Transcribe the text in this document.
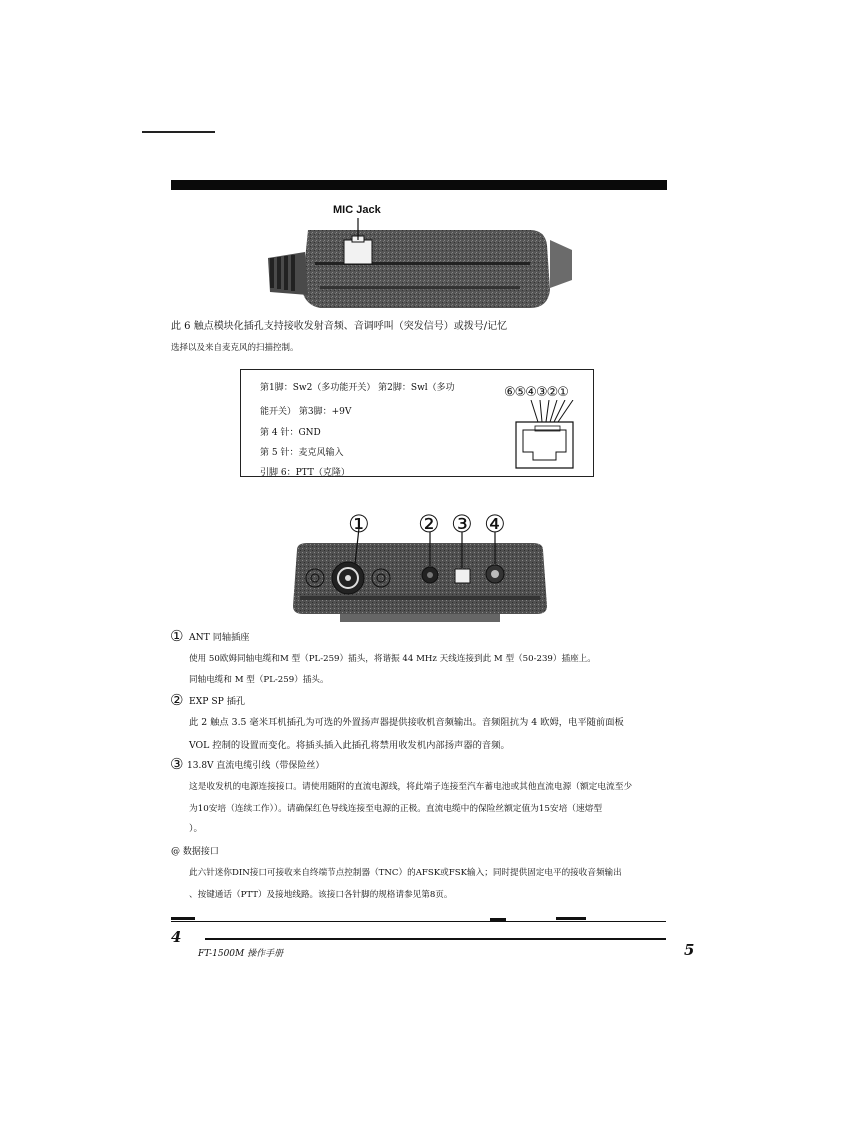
MIC Jack
此 6 触点模块化插孔支持接收发射音频、音调呼叫（突发信号）或拨号/记忆
选择以及来自麦克风的扫描控制。
第1脚：Sw2（多功能开关） 第2脚：Swl（多功
能开关） 第3脚：+9V
第 4 针：GND
第 5 针：麦克风输入
引脚 6：PTT（克隆）
⑥⑤④③②①
① ② ③ ④
① ANT 同轴插座
使用 50欧姆同轴电缆和M 型（PL-259）插头，将谐振 44 MHz 天线连接到此 M 型（50-239）插座上。
同轴电缆和 M 型（PL-259）插头。
② EXP SP 插孔
此 2 触点 3.5 毫米耳机插孔为可选的外置扬声器提供接收机音频输出。音频阻抗为 4 欧姆，电平随前面板
VOL 控制的设置而变化。将插头插入此插孔将禁用收发机内部扬声器的音频。
③ 13.8V 直流电缆引线（带保险丝）
这是收发机的电源连接接口。请使用随附的直流电源线，将此端子连接至汽车蓄电池或其他直流电源（额定电流至少
为10安培（连续工作））。请确保红色导线连接至电源的正极。直流电缆中的保险丝额定值为15安培（速熔型
）。
@ 数据接口
此六针迷你DIN接口可接收来自终端节点控制器（TNC）的AFSK或FSK输入；同时提供固定电平的接收音频输出
、按键通话（PTT）及接地线路。该接口各针脚的规格请参见第8页。
4
FT-1500M 操作手册	5
